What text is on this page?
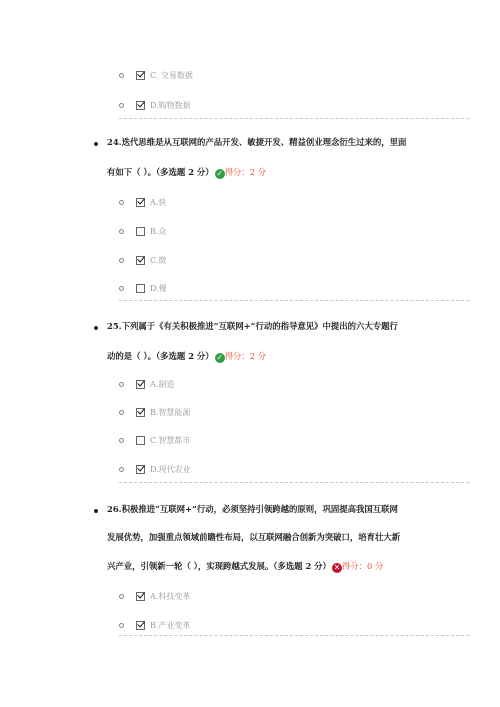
C. 交易数据
D.购物数据
24.迭代思维是从互联网的产品开发、敏捷开发、精益创业理念衍生过来的，里面
有如下（ ）。（多选题 2 分） ✓ 得分：2 分
A.快
B.众
C.微
D.慢
25.下列属于《有关积极推进“互联网+”行动的指导意见》中提出的六大专题行
动的是（ ）。（多选题 2 分） ✓ 得分：2 分
A.制造
B.智慧能源
C.智慧都市
D.现代农业
26.积极推进“互联网+”行动，必须坚持引领跨越的原则，巩固提高我国互联网
发展优势，加强重点领域前瞻性布局，以互联网融合创新为突破口，培育壮大新
兴产业，引领新一轮（ ），实现跨越式发展。（多选题 2 分） ✕ 得分：0 分
A.科技变革
B.产业变革
